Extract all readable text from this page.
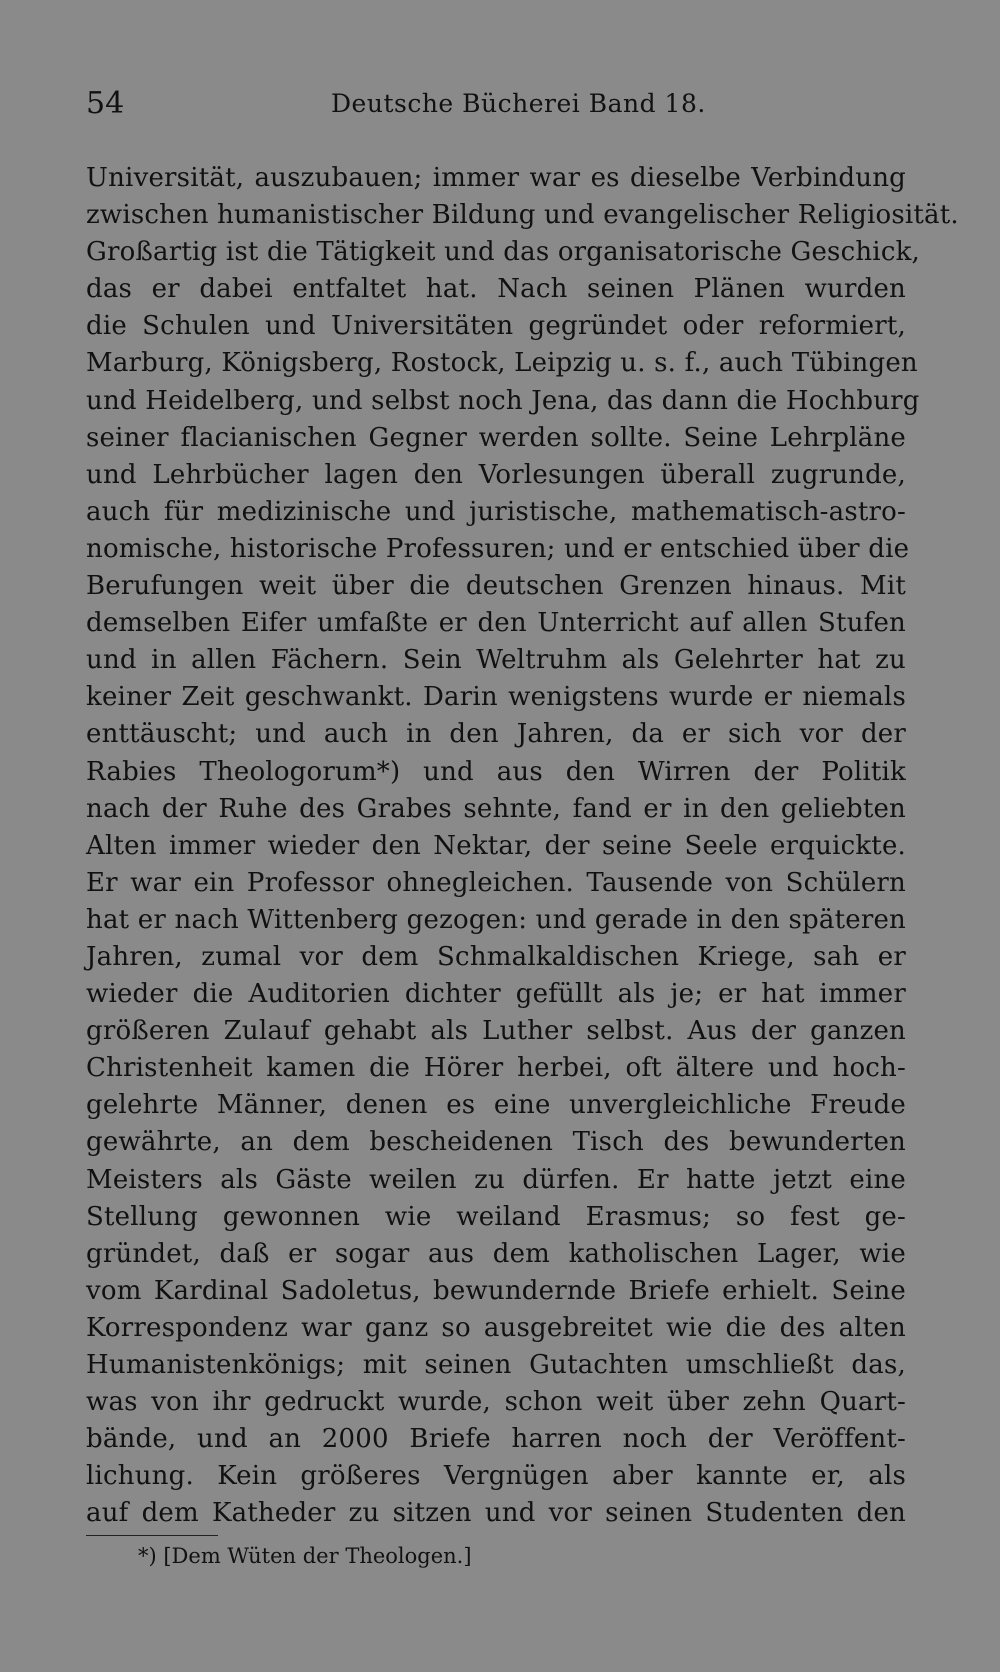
54	Deutsche Bücherei Band 18.
Universität, auszubauen; immer war es dieselbe Verbindung
zwischen humanistischer Bildung und evangelischer Religiosität.
Großartig ist die Tätigkeit und das organisatorische Geschick,
das er dabei entfaltet hat. Nach seinen Plänen wurden
die Schulen und Universitäten gegründet oder reformiert,
Marburg, Königsberg, Rostock, Leipzig u. s. f., auch Tübingen
und Heidelberg, und selbst noch Jena, das dann die Hochburg
seiner flacianischen Gegner werden sollte. Seine Lehrpläne
und Lehrbücher lagen den Vorlesungen überall zugrunde,
auch für medizinische und juristische, mathematisch-astro-
nomische, historische Professuren; und er entschied über die
Berufungen weit über die deutschen Grenzen hinaus. Mit
demselben Eifer umfaßte er den Unterricht auf allen Stufen
und in allen Fächern. Sein Weltruhm als Gelehrter hat zu
keiner Zeit geschwankt. Darin wenigstens wurde er niemals
enttäuscht; und auch in den Jahren, da er sich vor der
Rabies Theologorum*) und aus den Wirren der Politik
nach der Ruhe des Grabes sehnte, fand er in den geliebten
Alten immer wieder den Nektar, der seine Seele erquickte.
Er war ein Professor ohnegleichen. Tausende von Schülern
hat er nach Wittenberg gezogen: und gerade in den späteren
Jahren, zumal vor dem Schmalkaldischen Kriege, sah er
wieder die Auditorien dichter gefüllt als je; er hat immer
größeren Zulauf gehabt als Luther selbst. Aus der ganzen
Christenheit kamen die Hörer herbei, oft ältere und hoch-
gelehrte Männer, denen es eine unvergleichliche Freude
gewährte, an dem bescheidenen Tisch des bewunderten
Meisters als Gäste weilen zu dürfen. Er hatte jetzt eine
Stellung gewonnen wie weiland Erasmus; so fest ge-
gründet, daß er sogar aus dem katholischen Lager, wie
vom Kardinal Sadoletus, bewundernde Briefe erhielt. Seine
Korrespondenz war ganz so ausgebreitet wie die des alten
Humanistenkönigs; mit seinen Gutachten umschließt das,
was von ihr gedruckt wurde, schon weit über zehn Quart-
bände, und an 2000 Briefe harren noch der Veröffent-
lichung. Kein größeres Vergnügen aber kannte er, als
auf dem Katheder zu sitzen und vor seinen Studenten den
*) [Dem Wüten der Theologen.]
